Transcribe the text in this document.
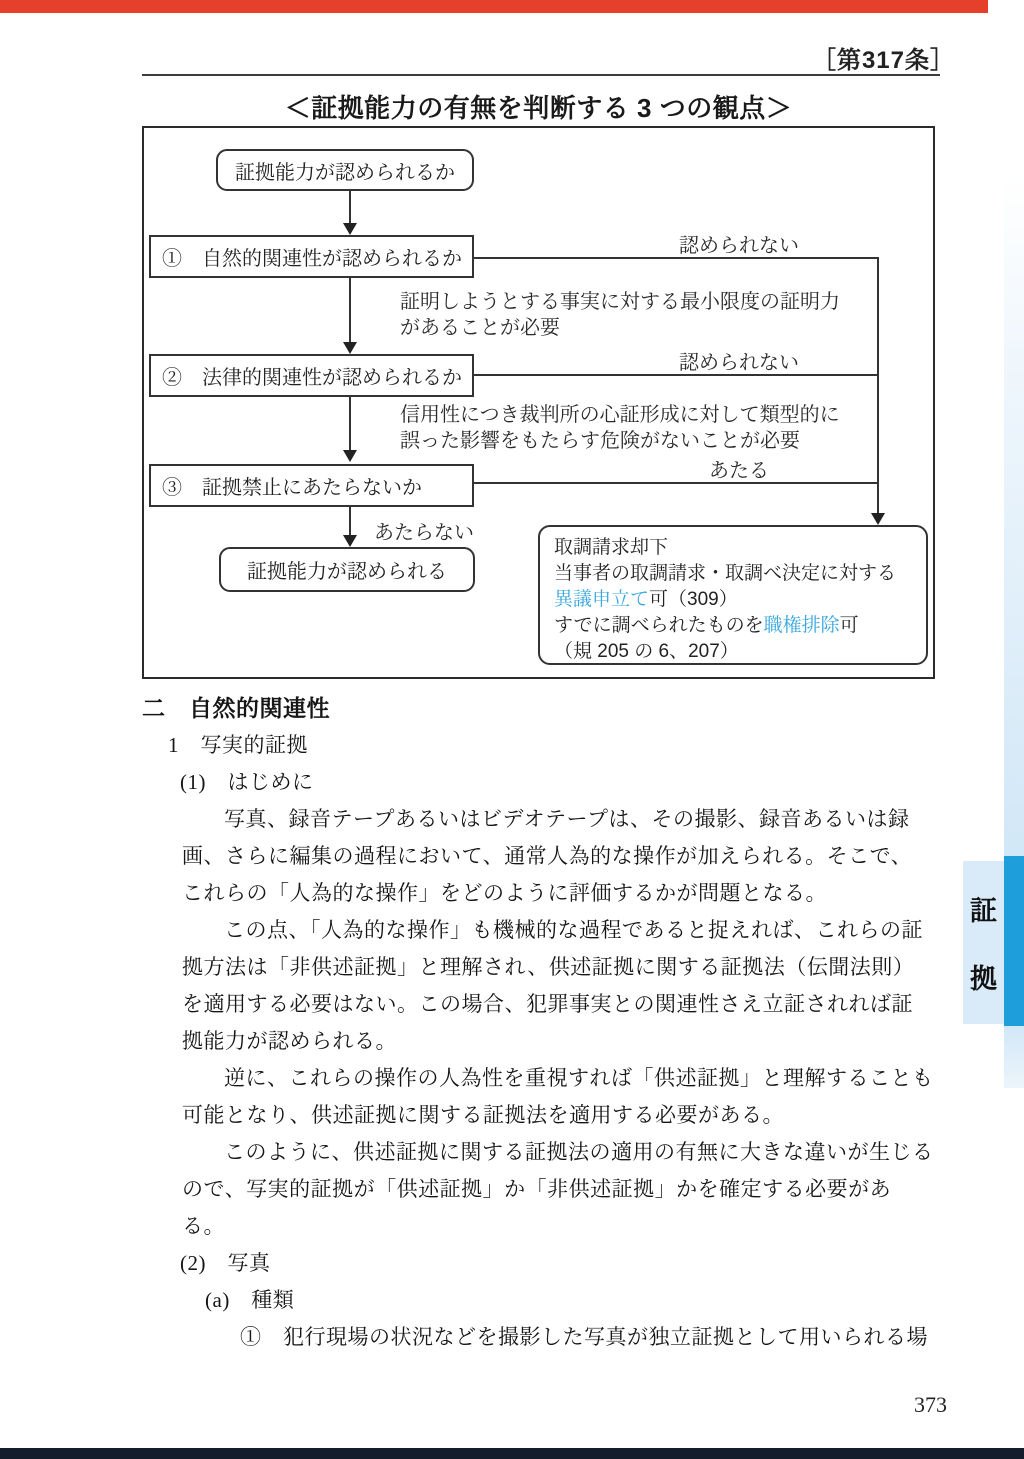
［第317条］
＜証拠能力の有無を判断する 3 つの観点＞
証拠能力が認められるか
①　自然的関連性が認められるか
認められない
証明しようとする事実に対する最小限度の証明力
があることが必要
②　法律的関連性が認められるか
認められない
信用性につき裁判所の心証形成に対して類型的に
誤った影響をもたらす危険がないことが必要
③　証拠禁止にあたらないか
あたる
あたらない
証拠能力が認められる
取調請求却下
当事者の取調請求・取調べ決定に対する
異議申立て可（309）
すでに調べられたものを職権排除可
（規 205 の 6、207）
二　自然的関連性
1　写実的証拠
(1)　はじめに
写真、録音テープあるいはビデオテープは、その撮影、録音あるいは録
画、さらに編集の過程において、通常人為的な操作が加えられる。そこで、
これらの「人為的な操作」をどのように評価するかが問題となる。
この点、「人為的な操作」も機械的な過程であると捉えれば、これらの証
拠方法は「非供述証拠」と理解され、供述証拠に関する証拠法（伝聞法則）
を適用する必要はない。この場合、犯罪事実との関連性さえ立証されれば証
拠能力が認められる。
逆に、これらの操作の人為性を重視すれば「供述証拠」と理解することも
可能となり、供述証拠に関する証拠法を適用する必要がある。
このように、供述証拠に関する証拠法の適用の有無に大きな違いが生じる
ので、写実的証拠が「供述証拠」か「非供述証拠」かを確定する必要があ
る。
(2)　写真
(a)　種類
①　犯行現場の状況などを撮影した写真が独立証拠として用いられる場
証
拠
373
